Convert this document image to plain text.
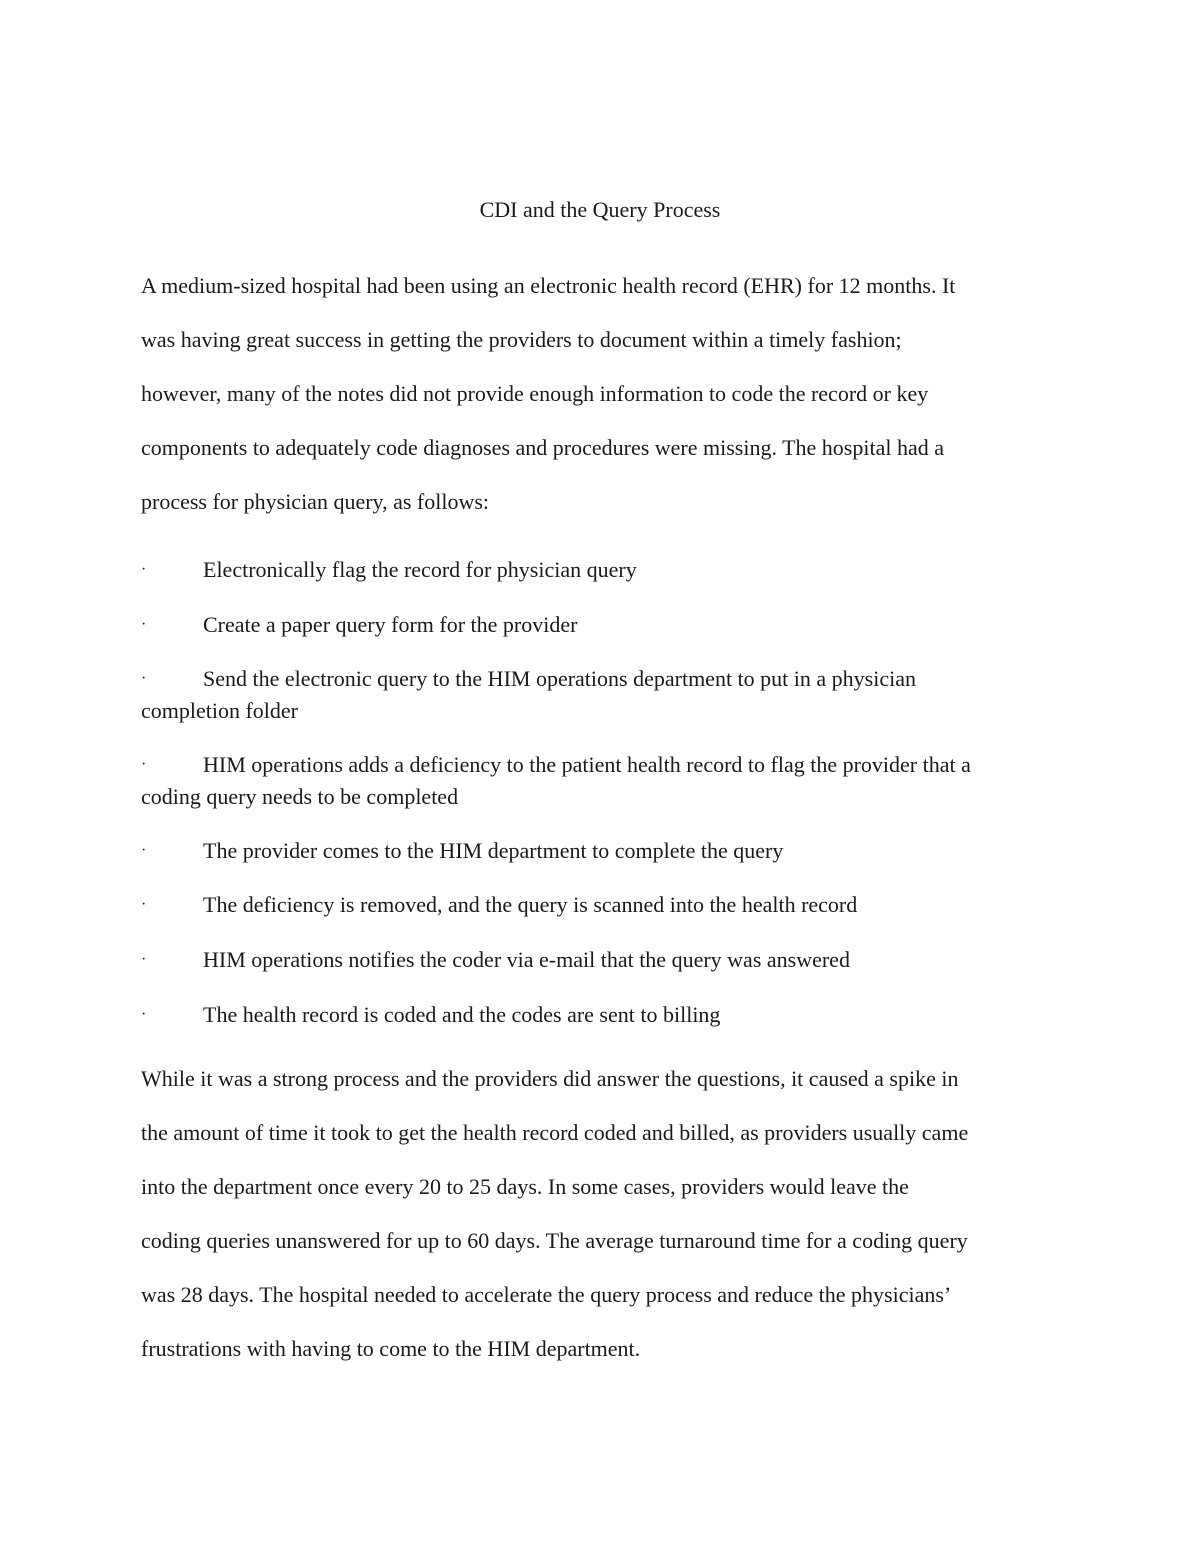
CDI and the Query Process

A medium-sized hospital had been using an electronic health record (EHR) for 12 months. It
was having great success in getting the providers to document within a timely fashion;
however, many of the notes did not provide enough information to code the record or key
components to adequately code diagnoses and procedures were missing. The hospital had a
process for physician query, as follows:

·	Electronically flag the record for physician query
·	Create a paper query form for the provider
·	Send the electronic query to the HIM operations department to put in a physician
completion folder
·	HIM operations adds a deficiency to the patient health record to flag the provider that a
coding query needs to be completed
·	The provider comes to the HIM department to complete the query
·	The deficiency is removed, and the query is scanned into the health record
·	HIM operations notifies the coder via e-mail that the query was answered
·	The health record is coded and the codes are sent to billing

While it was a strong process and the providers did answer the questions, it caused a spike in
the amount of time it took to get the health record coded and billed, as providers usually came
into the department once every 20 to 25 days. In some cases, providers would leave the
coding queries unanswered for up to 60 days. The average turnaround time for a coding query
was 28 days. The hospital needed to accelerate the query process and reduce the physicians’
frustrations with having to come to the HIM department.
